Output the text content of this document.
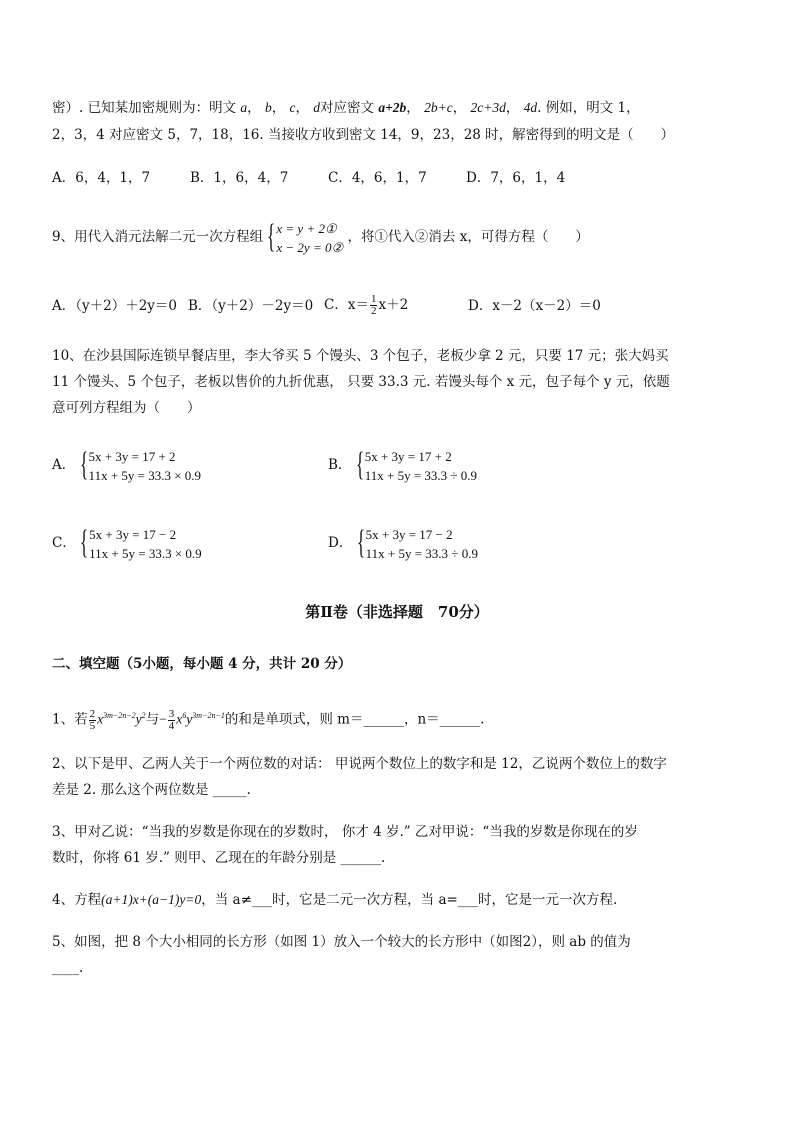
密）. 已知某加密规则为：明文 a， b， c， d对应密文 a+2b， 2b+c， 2c+3d， 4d. 例如，明文 1，
2，3，4 对应密文 5，7，18，16. 当接收方收到密文 14，9，23，28 时，解密得到的明文是（　　）
A．6，4，1，7	B．1，6，4，7	C．4，6，1，7	D．7，6，1，4
9、用代入消元法解二元一次方程组 { x = y + 2①
x − 2y = 0②
，将①代入②消去 x，可得方程（　　）
A．（y＋2）＋2y＝0 B．（y＋2）－2y＝0 C．$x= \frac{1}{2} x+2$	D．x－2（x－2）＝0
10、在沙县国际连锁早餐店里，李大爷买 5 个馒头、3 个包子，老板少拿 2 元，只要 17 元；张大妈买
11 个馒头、5 个包子，老板以售价的九折优惠， 只要 33.3 元. 若馒头每个 x 元，包子每个 y 元，依题
意可列方程组为（　　）
A． { 5x + 3y = 17 + 2
11x + 5y = 33.3 × 0.9
B． { 5x + 3y = 17 + 2
11x + 5y = 33.3 ÷ 0.9
C． { 5x + 3y = 17 − 2
11x + 5y = 33.3 × 0.9
D． { 5x + 3y = 17 − 2
11x + 5y = 33.3 ÷ 0.9
第Ⅱ卷（非选择题　70分）
二、填空题（5小题，每小题 4 分，共计 20 分）
1、若 $\frac{2}{5} x^{3m-2n-2}y^2$与− $\frac{3}{4} x^6y^{3m-2n-1}$的和是单项式，则 m＝______，n＝______.
2、以下是甲、乙两人关于一个两位数的对话： 甲说两个数位上的数字和是 12，乙说两个数位上的数字
差是 2. 那么这个两位数是 _____.
3、甲对乙说：“当我的岁数是你现在的岁数时， 你才 4 岁.” 乙对甲说：“当我的岁数是你现在的岁
数时，你将 61 岁.” 则甲、乙现在的年龄分别是 ______.
4、方程(a+1)x+(a−1)y=0，当 a≠___时，它是二元一次方程，当 a=___时，它是一元一次方程.
5、如图，把 8 个大小相同的长方形（如图 1）放入一个较大的长方形中（如图2），则 ab 的值为
____.
